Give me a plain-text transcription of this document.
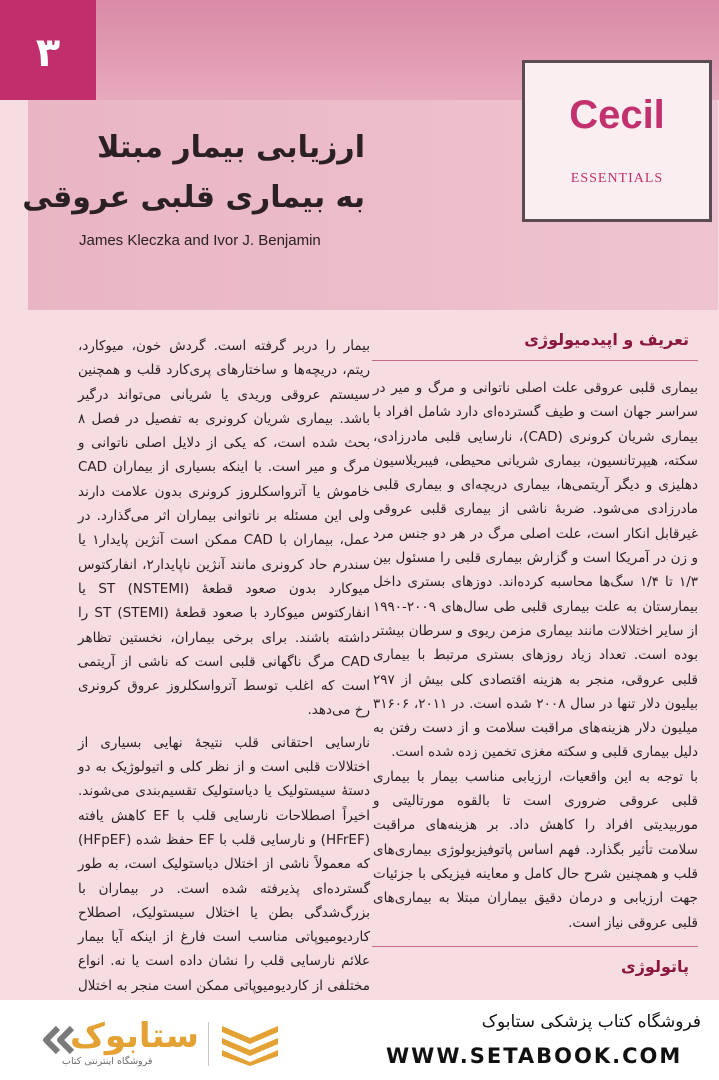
۳
Cecil
ESSENTIALS
ارزیابی بیمار مبتلا
به بیماری قلبی عروقی
James Kleczka and Ivor J. Benjamin
تعریف و اپیدمیولوژی

بیماری قلبی عروقی علت اصلی ناتوانی و مرگ و میر در سراسر جهان است و طیف گسترده‌ای دارد شامل افراد با بیماری شریان کرونری (CAD)، نارسایی قلبی مادرزادی، سکته، هیپرتانسیون، بیماری شریانی محیطی، فیبریلاسیون دهلیزی و دیگر آریتمی‌ها، بیماری دریچه‌ای و بیماری قلبی مادرزادی می‌شود. ضربهٔ ناشی از بیماری قلبی عروقی غیرقابل انکار است، علت اصلی مرگ در هر دو جنس مرد و زن در آمریکا است و گزارش بیماری قلبی را مسئول بین ۱/۳ تا ۱/۴ سگ‌ها محاسبه کرده‌اند. دوزهای بستری داخل بیمارستان به علت بیماری قلبی طی سال‌های ۲۰۰۹-۱۹۹۰ از سایر اختلالات مانند بیماری مزمن ریوی و سرطان بیشتر بوده است. تعداد زیاد روزهای بستری مرتبط با بیماری قلبی عروقی، منجر به هزینه اقتصادی کلی بیش از ۲۹۷ بیلیون دلار تنها در سال ۲۰۰۸ شده است. در ۲۰۱۱، ۳۱۶۰۶ میلیون دلار هزینه‌های مراقبت سلامت و از دست رفتن به دلیل بیماری قلبی و سکته مغزی تخمین زده شده است.

با توجه به این واقعیات، ارزیابی مناسب بیمار با بیماری قلبی عروقی ضروری است تا بالقوه مورتالیتی و موربیدیتی افراد را کاهش داد. بر هزینه‌های مراقبت سلامت تأثیر بگذارد. فهم اساس پاتوفیزیولوژی بیماری‌های قلب و همچنین شرح حال کامل و معاینه فیزیکی با جزئیات جهت ارزیابی و درمان دقیق بیماران مبتلا به بیماری‌های قلبی عروقی نیاز است.

بیمار را دربر گرفته است. گردش خون، میوکارد، ریتم، دریچه‌ها و ساختارهای پری‌کارد قلب و همچنین سیستم عروقی وریدی یا شریانی می‌تواند درگیر باشد. بیماری شریان کرونری به تفصیل در فصل ۸ بحث شده است، که یکی از دلایل اصلی ناتوانی و مرگ و میر است. با اینکه بسیاری از بیماران CAD خاموش یا آترواسکلروز کرونری بدون علامت دارند ولی این مسئله بر ناتوانی بیماران اثر می‌گذارد. در عمل، بیماران با CAD ممکن است آنژین پایدار۱ یا سندرم حاد کرونری مانند آنژین ناپایدار۲، انفارکتوس میوکارد بدون صعود قطعهٔ ST (NSTEMI) یا انفارکتوس میوکارد با صعود قطعهٔ ST (STEMI) را داشته باشند. برای برخی بیماران، نخستین تظاهر CAD مرگ ناگهانی قلبی است که ناشی از آریتمی است که اغلب توسط آترواسکلروز عروق کرونری رخ می‌دهد.

نارسایی احتقانی قلب نتیجهٔ نهایی بسیاری از اختلالات قلبی است و از نظر کلی و اتیولوژیک به دو دستهٔ سیستولیک یا دیاستولیک تقسیم‌بندی می‌شوند. اخیراً اصطلاحات نارسایی قلب با EF کاهش یافته (HFrEF) و نارسایی قلب با EF حفظ شده (HFpEF) که معمولاً ناشی از اختلال دیاستولیک است، به طور گسترده‌ای پذیرفته شده است. در بیماران با بزرگ‌شدگی بطن یا اختلال سیستولیک، اصطلاح کاردیومیوپاتی مناسب است فارغ از اینکه آیا بیمار علائم نارسایی قلب را نشان داده است یا نه. انواع مختلفی از کاردیومیوپاتی ممکن است منجر به اختلال

پاتولوژی
ستابوک
فروشگاه اینترنتی کتاب
فروشگاه کتاب پزشکی ستابوک
WWW.SETABOOK.COM
